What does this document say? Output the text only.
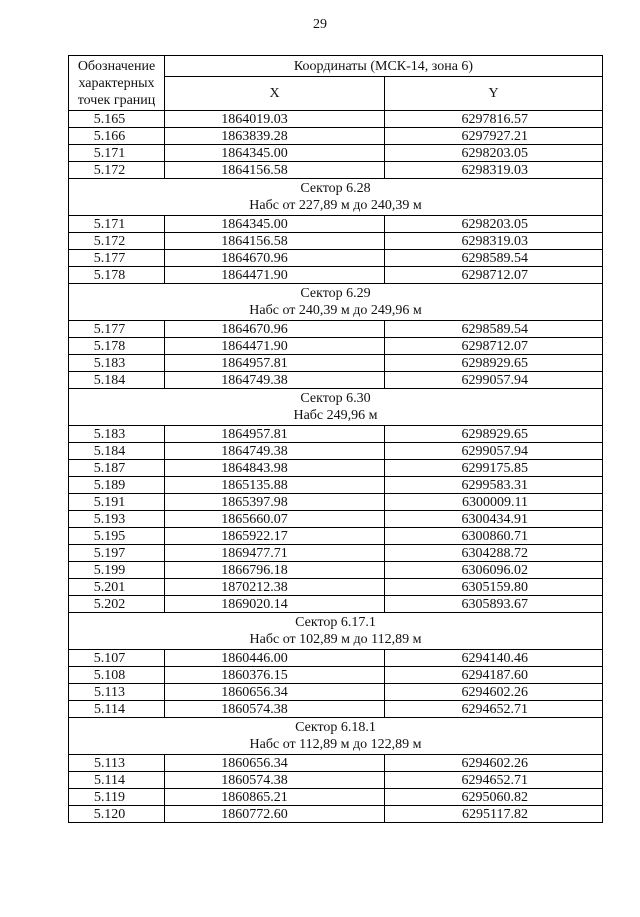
29
Обозначение
характерных
точек границ	Координаты (МСК-14, зона 6)	
	X	Y
5.165	1864019.03	6297816.57
5.166	1863839.28	6297927.21
5.171	1864345.00	6298203.05
5.172	1864156.58	6298319.03

Сектор 6.28
Набс от 227,89 м до 240,39 м		

5.171	1864345.00	6298203.05
5.172	1864156.58	6298319.03
5.177	1864670.96	6298589.54
5.178	1864471.90	6298712.07

Сектор 6.29
Набс от 240,39 м до 249,96 м		

5.177	1864670.96	6298589.54
5.178	1864471.90	6298712.07
5.183	1864957.81	6298929.65
5.184	1864749.38	6299057.94

Сектор 6.30
Набс 249,96 м		

5.183	1864957.81	6298929.65
5.184	1864749.38	6299057.94
5.187	1864843.98	6299175.85
5.189	1865135.88	6299583.31
5.191	1865397.98	6300009.11
5.193	1865660.07	6300434.91
5.195	1865922.17	6300860.71
5.197	1869477.71	6304288.72
5.199	1866796.18	6306096.02
5.201	1870212.38	6305159.80
5.202	1869020.14	6305893.67

Сектор 6.17.1
Набс от 102,89 м до 112,89 м		

5.107	1860446.00	6294140.46
5.108	1860376.15	6294187.60
5.113	1860656.34	6294602.26
5.114	1860574.38	6294652.71

Сектор 6.18.1
Набс от 112,89 м до 122,89 м		

5.113	1860656.34	6294602.26
5.114	1860574.38	6294652.71
5.119	1860865.21	6295060.82
5.120	1860772.60	6295117.82
